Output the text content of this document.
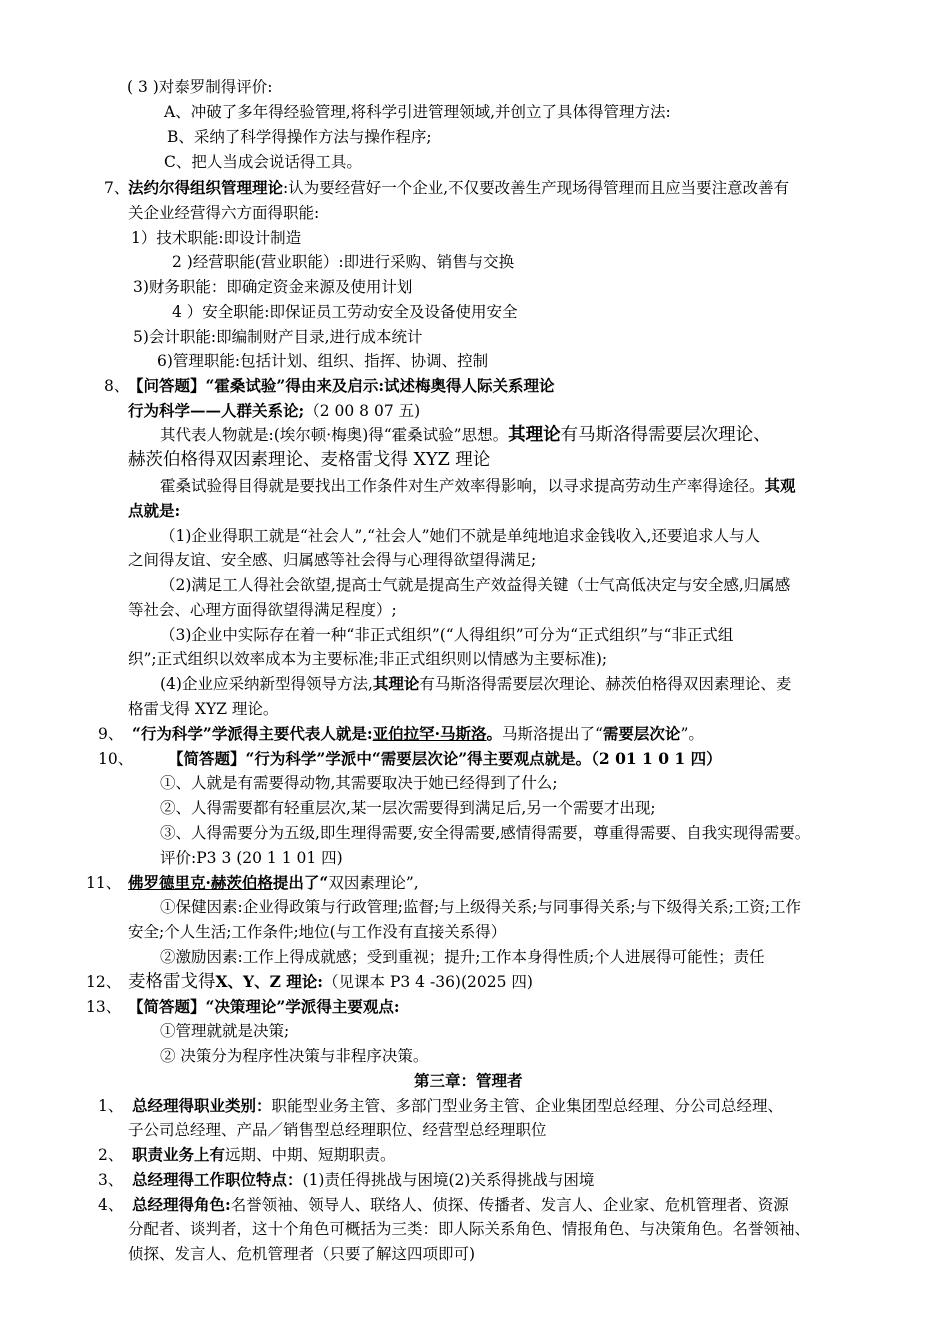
( 3 )对泰罗制得评价:
A、冲破了多年得经验管理,将科学引进管理领域,并创立了具体得管理方法:
B、采纳了科学得操作方法与操作程序;
C、把人当成会说话得工具。
7、
法约尔得组织管理理论:认为要经营好一个企业,不仅要改善生产现场得管理而且应当要注意改善有
关企业经营得六方面得职能:
1）技术职能:即设计制造
2 )经营职能(营业职能）:即进行采购、销售与交换
3)财务职能：即确定资金来源及使用计划
4 ）安全职能:即保证员工劳动安全及设备使用安全
5)会计职能:即编制财产目录,进行成本统计
6)管理职能:包括计划、组织、指挥、协调、控制
8、
【问答题】“霍桑试验”得由来及启示:试述梅奥得人际关系理论
行为科学——人群关系论;（2 00 8 07 五)
其代表人物就是:(埃尔顿·梅奥)得“霍桑试验”思想。其理论有马斯洛得需要层次理论、
赫茨伯格得双因素理论、麦格雷戈得 XYZ 理论
霍桑试验得目得就是要找出工作条件对生产效率得影响，以寻求提高劳动生产率得途径。其观
点就是:
（1)企业得职工就是“社会人”,“社会人”她们不就是单纯地追求金钱收入,还要追求人与人
之间得友谊、安全感、归属感等社会得与心理得欲望得满足;
（2)满足工人得社会欲望,提高士气就是提高生产效益得关键（士气高低决定与安全感,归属感
等社会、心理方面得欲望得满足程度）;
（3)企业中实际存在着一种“非正式组织”(“人得组织”可分为“正式组织”与“非正式组
织”;正式组织以效率成本为主要标准;非正式组织则以情感为主要标准);
(4)企业应采纳新型得领导方法,其理论有马斯洛得需要层次理论、赫茨伯格得双因素理论、麦
格雷戈得 XYZ 理论。
9、 “行为科学”学派得主要代表人就是:亚伯拉罕·马斯洛。马斯洛提出了“需要层次论”。
10、 【简答题】“行为科学”学派中“需要层次论”得主要观点就是。（2 01 1 0 1 四）
①、人就是有需要得动物,其需要取决于她已经得到了什么;
②、人得需要都有轻重层次,某一层次需要得到满足后,另一个需要才出现;
③、人得需要分为五级,即生理得需要,安全得需要,感情得需要，尊重得需要、自我实现得需要。
评价:P3 3 (20 1 1 01 四)
11、 佛罗德里克·赫茨伯格提出了“双因素理论”,
①保健因素:企业得政策与行政管理;监督;与上级得关系;与同事得关系;与下级得关系;工资;工作
安全;个人生活;工作条件;地位(与工作没有直接关系得）
②激励因素:工作上得成就感；受到重视；提升;工作本身得性质;个人进展得可能性；责任
12、 麦格雷戈得X、Y、Z 理论:（见课本 P3 4 -36)(2025 四)
13、 【简答题】“决策理论”学派得主要观点:
①管理就就是决策;
② 决策分为程序性决策与非程序决策。
第三章：管理者
1、 总经理得职业类别：职能型业务主管、多部门型业务主管、企业集团型总经理、分公司总经理、
子公司总经理、产品／销售型总经理职位、经营型总经理职位
2、 职责业务上有远期、中期、短期职责。
3、 总经理得工作职位特点：(1)责任得挑战与困境(2)关系得挑战与困境
4、 总经理得角色:名誉领袖、领导人、联络人、侦探、传播者、发言人、企业家、危机管理者、资源
分配者、谈判者，这十个角色可概括为三类：即人际关系角色、情报角色、与决策角色。名誉领袖、
侦探、发言人、危机管理者（只要了解这四项即可)
